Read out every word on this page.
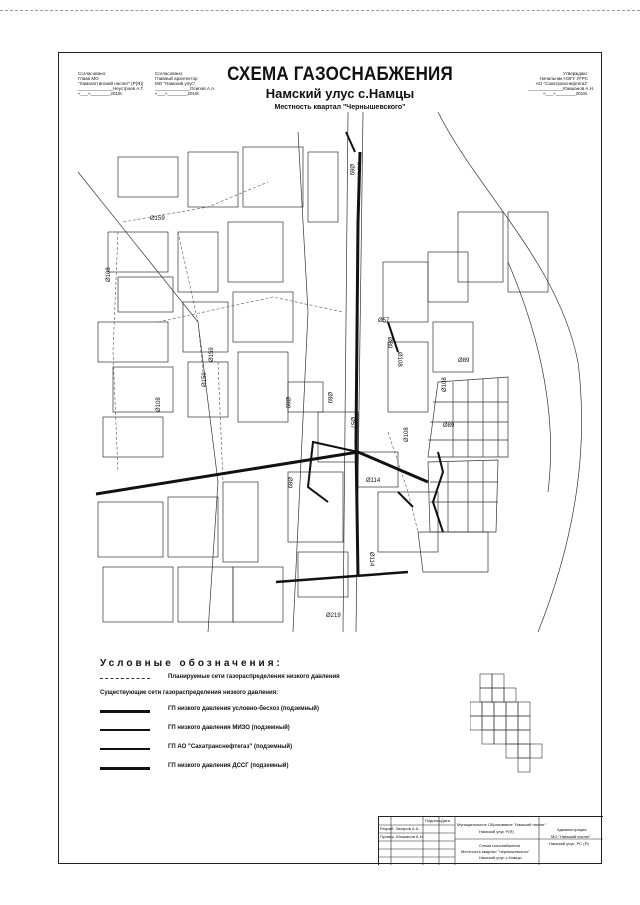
Согласовано:
Глава МО
"Хамагаттинский наслег" (Р(Я))
______________Неустроев А.Г.
«___»________2019г.
Согласовано:
Главный архитектор
МО "Намский улус"
______________Осипов А.А.
«___»________2019г.
Утверждаю:
Начальник НЭГУ УГРС
АО "Сахатранснефтегаз"
______________Юмшанов А.Н.
«___»________2019г.
СХЕМА ГАЗОСНАБЖЕНИЯ
Намский улус с.Намцы
Местность квартал "Чернышевского"
Ø159
Ø108
Ø159
Ø159
Ø89
Ø89
Ø108
Ø89
Ø57
Ø219
Ø114
Ø114
Ø108
Ø89
Ø57
Ø108
Ø89
Ø89
Ø89
Ø108
Условные обозначения:
Планируемые сети газораспределения низкого давления
Существующие сети газораспределения низкого давления:
ГП низкого давления условно-бесхоз (подземный)
ГП низкого давления МИЗО (подземный)
ГП АО "Сахатранснефтегаз" (подземный)
ГП низкого давления ДССГ (подземный)
Подпись Дата
Разраб. Захаров А.А.
Провер. Юмшанов А.Н.
Муниципальное Образование "Намский наслег"
Намский улус Р(Я)
Схема газоснабжения
Местность квартал "Чернышевского"
Намский улус с.Намцы
Администрация
МО "Намский наслег"
Намский улус, РС (Я)
